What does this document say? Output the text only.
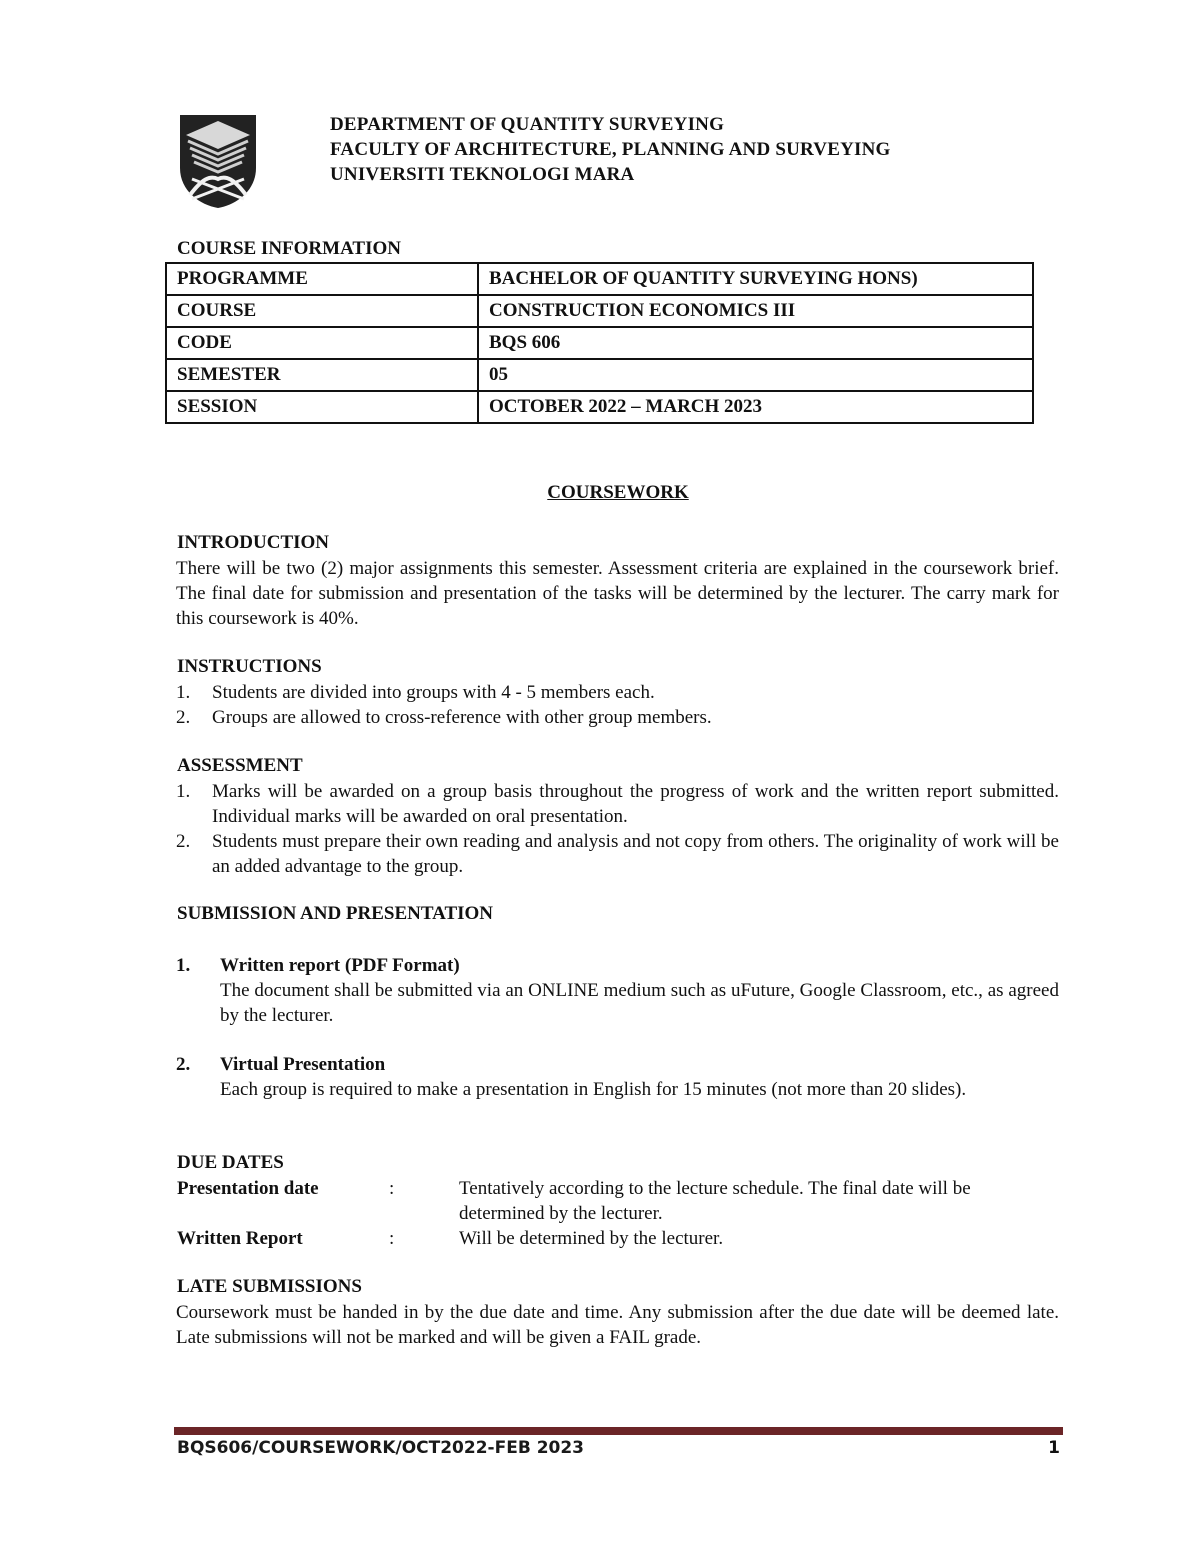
DEPARTMENT OF QUANTITY SURVEYING
FACULTY OF ARCHITECTURE, PLANNING AND SURVEYING
UNIVERSITI TEKNOLOGI MARA
COURSE INFORMATION
PROGRAMME	BACHELOR OF QUANTITY SURVEYING HONS)
COURSE	CONSTRUCTION ECONOMICS III
CODE	BQS 606
SEMESTER	05
SESSION	OCTOBER 2022 – MARCH 2023
COURSEWORK
INTRODUCTION
There will be two (2) major assignments this semester. Assessment criteria are explained in the coursework brief. The final date for submission and presentation of the tasks will be determined by the lecturer. The carry mark for this coursework is 40%.
INSTRUCTIONS
1. Students are divided into groups with 4 - 5 members each.
2. Groups are allowed to cross-reference with other group members.
ASSESSMENT
1. Marks will be awarded on a group basis throughout the progress of work and the written report submitted. Individual marks will be awarded on oral presentation.
2. Students must prepare their own reading and analysis and not copy from others. The originality of work will be an added advantage to the group.
SUBMISSION AND PRESENTATION
1. Written report (PDF Format)
The document shall be submitted via an ONLINE medium such as uFuture, Google Classroom, etc., as agreed by the lecturer.
2. Virtual Presentation
Each group is required to make a presentation in English for 15 minutes (not more than 20 slides).
DUE DATES
Presentation date	:	Tentatively according to the lecture schedule. The final date will be determined by the lecturer.
Written Report	:	Will be determined by the lecturer.
LATE SUBMISSIONS
Coursework must be handed in by the due date and time. Any submission after the due date will be deemed late. Late submissions will not be marked and will be given a FAIL grade.
BQS606/COURSEWORK/OCT2022-FEB 2023	1
